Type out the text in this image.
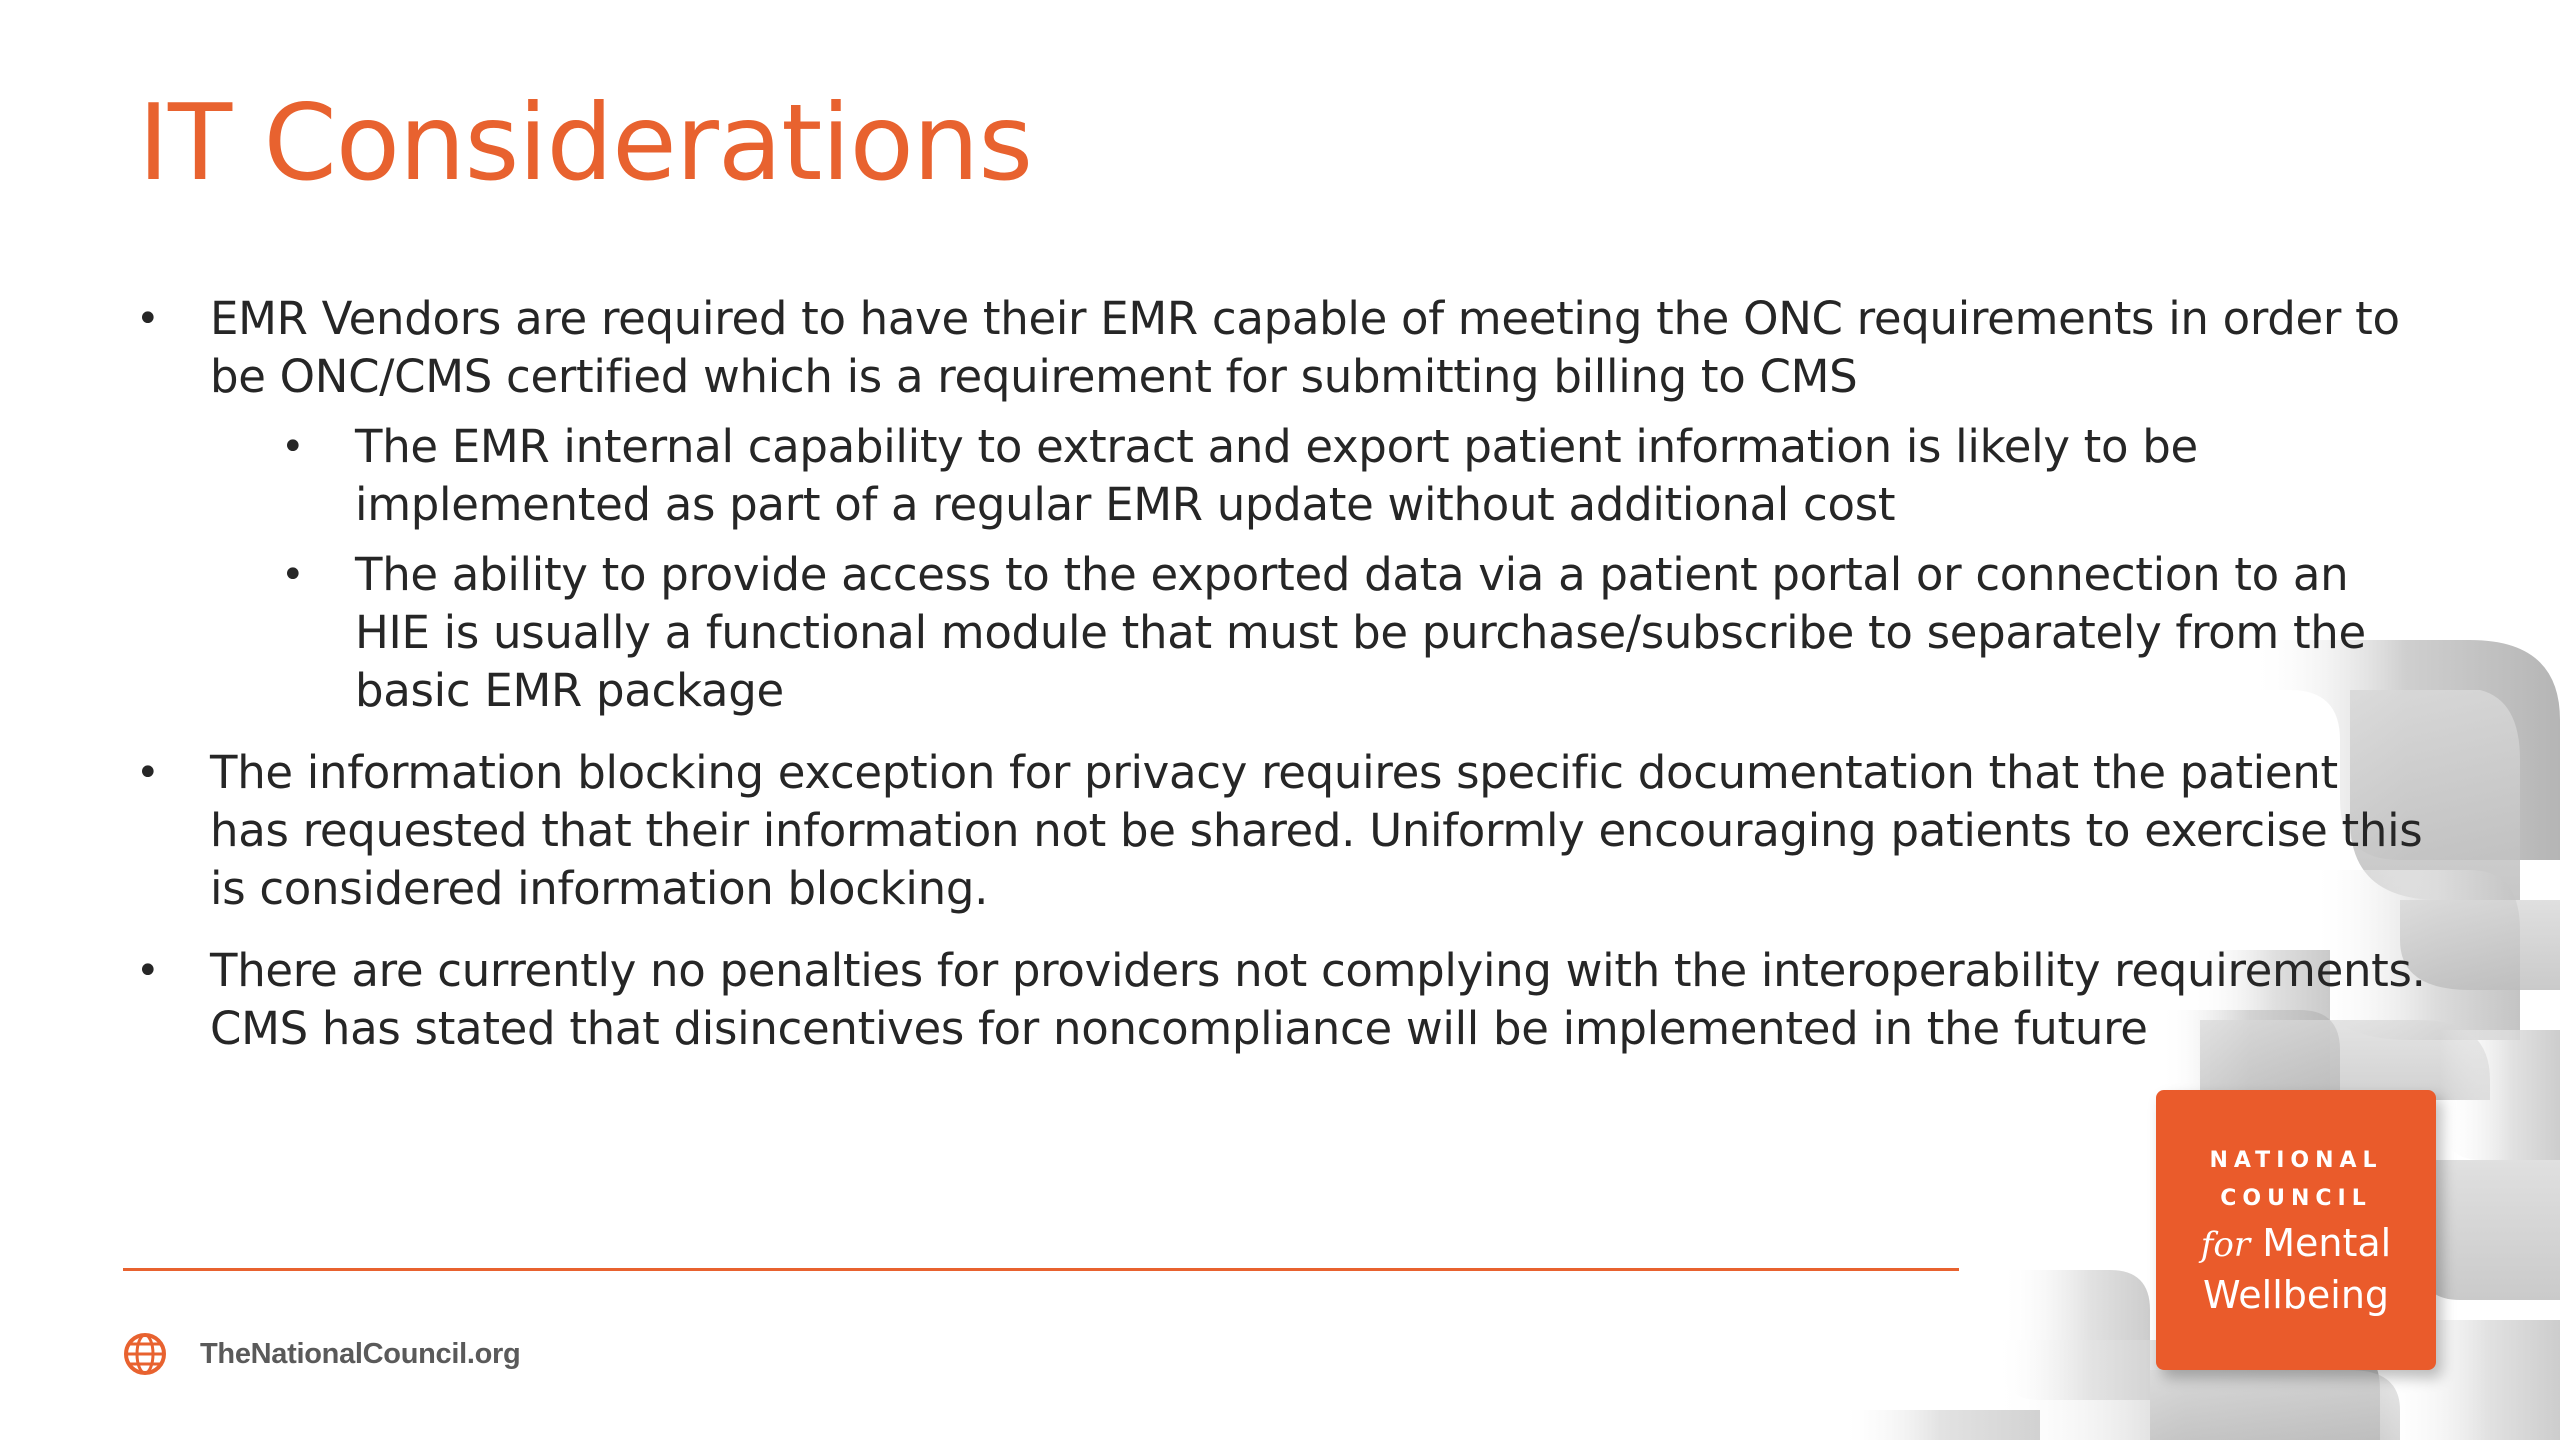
IT Considerations
• EMR Vendors are required to have their EMR capable of meeting the ONC requirements in order to be ONC/CMS certified which is a requirement for submitting billing to CMS
• The EMR internal capability to extract and export patient information is likely to be implemented as part of a regular EMR update without additional cost
• The ability to provide access to the exported data via a patient portal or connection to an HIE is usually a functional module that must be purchase/subscribe to separately from the basic EMR package
• The information blocking exception for privacy requires specific documentation that the patient has requested that their information not be shared. Uniformly encouraging patients to exercise this is considered information blocking.
• There are currently no penalties for providers not complying with the interoperability requirements. CMS has stated that disincentives for noncompliance will be implemented in the future
TheNationalCouncil.org
NATIONAL
COUNCIL
for Mental
Wellbeing
